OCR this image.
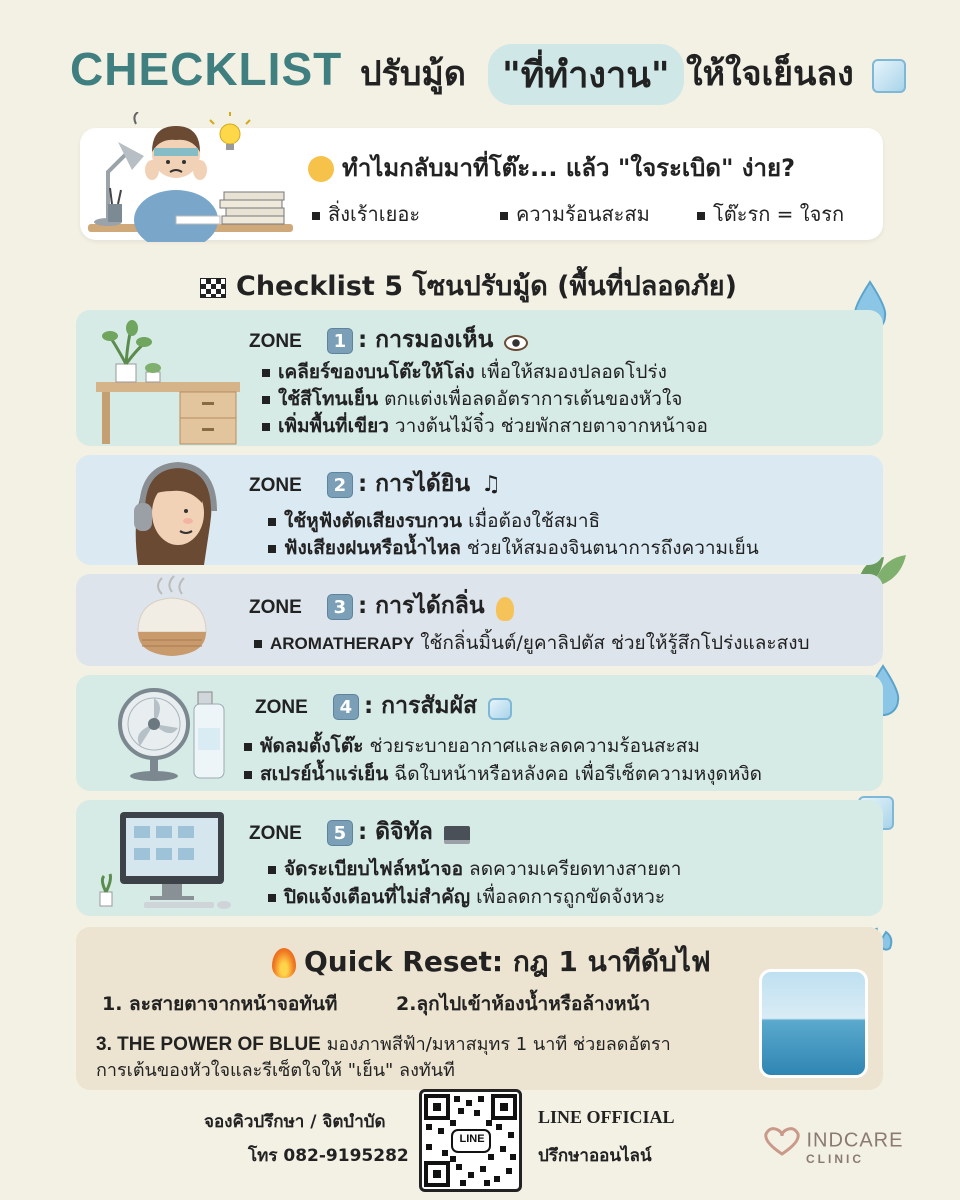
CHECKLIST ปรับมู้ด	"ที่ทำงาน" ให้ใจเย็นลง
ทำไมกลับมาที่โต๊ะ... แล้ว "ใจระเบิด" ง่าย?
สิ่งเร้าเยอะ	ความร้อนสะสม	โต๊ะรก = ใจรก
Checklist 5 โซนปรับมู้ด (พื้นที่ปลอดภัย)
ZONE 1 : การมองเห็น
เคลียร์ของบนโต๊ะให้โล่ง เพื่อให้สมองปลอดโปร่ง
ใช้สีโทนเย็น ตกแต่งเพื่อลดอัตราการเต้นของหัวใจ
เพิ่มพื้นที่เขียว วางต้นไม้จิ๋ว ช่วยพักสายตาจากหน้าจอ
ZONE 2 : การได้ยิน ♫
ใช้หูฟังตัดเสียงรบกวน เมื่อต้องใช้สมาธิ
ฟังเสียงฝนหรือน้ำไหล ช่วยให้สมองจินตนาการถึงความเย็น
ZONE 3 : การได้กลิ่น
AROMATHERAPY ใช้กลิ่นมิ้นต์/ยูคาลิปตัส ช่วยให้รู้สึกโปร่งและสงบ
ZONE 4 : การสัมผัส
พัดลมตั้งโต๊ะ ช่วยระบายอากาศและลดความร้อนสะสม
สเปรย์น้ำแร่เย็น ฉีดใบหน้าหรือหลังคอ เพื่อรีเซ็ตความหงุดหงิด
ZONE 5 : ดิจิทัล
จัดระเบียบไฟล์หน้าจอ ลดความเครียดทางสายตา
ปิดแจ้งเตือนที่ไม่สำคัญ เพื่อลดการถูกขัดจังหวะ
Quick Reset: กฎ 1 นาทีดับไฟ
1. ละสายตาจากหน้าจอทันที	2.ลุกไปเข้าห้องน้ำหรือล้างหน้า
3. THE POWER OF BLUE มองภาพสีฟ้า/มหาสมุทร 1 นาที ช่วยลดอัตรา
การเต้นของหัวใจและรีเซ็ตใจให้ "เย็น" ลงทันที
จองคิวปรึกษา / จิตบำบัด
โทร 082-9195282
LINE
LINE OFFICIAL
ปรึกษาออนไลน์
INDCARE
CLINIC
